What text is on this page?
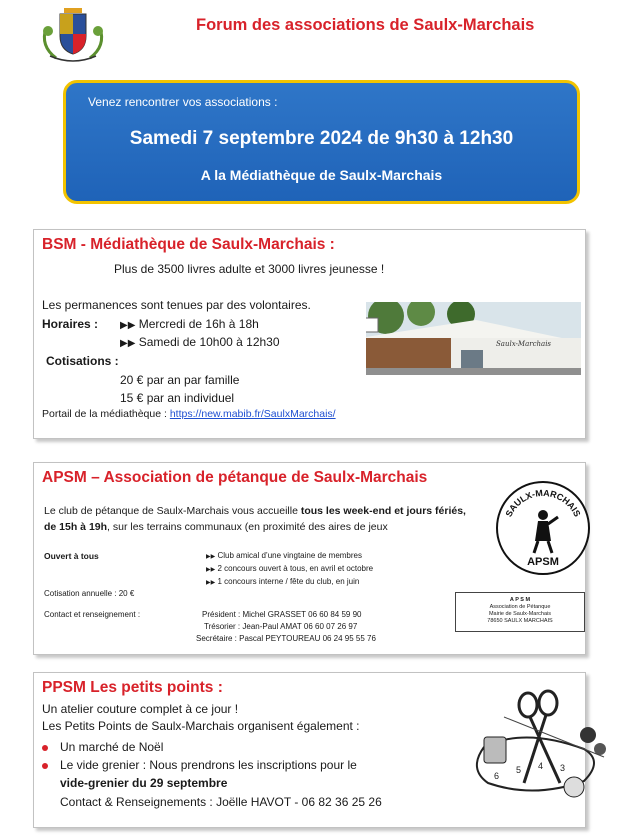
Forum des associations de Saulx-Marchais
Venez rencontrer vos associations :
Samedi 7 septembre 2024 de 9h30 à 12h30
A la Médiathèque de Saulx-Marchais
BSM - Médiathèque de Saulx-Marchais :
Plus de 3500 livres adulte et 3000 livres jeunesse !
Les permanences sont tenues par des volontaires.
Horaires : ▶▶ Mercredi de 16h à 18h
▶▶ Samedi de 10h00 à 12h30
Cotisations :
20 € par an par famille
15 € par an individuel
Portail de la médiathèque : https://new.mabib.fr/SaulxMarchais/
Saulx-Marchais
APSM – Association de pétanque de Saulx-Marchais
Le club de pétanque de Saulx-Marchais vous accueille tous les week-end et jours fériés,
de 15h à 19h, sur les terrains communaux (en proximité des aires de jeux
Ouvert à tous	▶▶ Club amical d’une vingtaine de membres
▶▶ 2 concours ouvert à tous, en avril et octobre
▶▶ 1 concours interne / fête du club, en juin
Cotisation annuelle : 20 €
Contact et renseignement :	Président : Michel GRASSET 06 60 84 59 90
Trésorier : Jean-Paul AMAT 06 60 07 26 97
Secrétaire : Pascal PEYTOUREAU 06 24 95 55 76
SAULX-MARCHAIS
APSM
A P S M
Association de Pétanque
Mairie de Saulx-Marchais
78650 SAULX MARCHAIS
PPSM Les petits points :
Un atelier couture complet à ce jour !
Les Petits Points de Saulx-Marchais organisent également :
Un marché de Noël
Le vide grenier : Nous prendrons les inscriptions pour le
vide-grenier du 29 septembre
Contact & Renseignements : Joëlle HAVOT - 06 82 36 25 26
6
5 4 3
